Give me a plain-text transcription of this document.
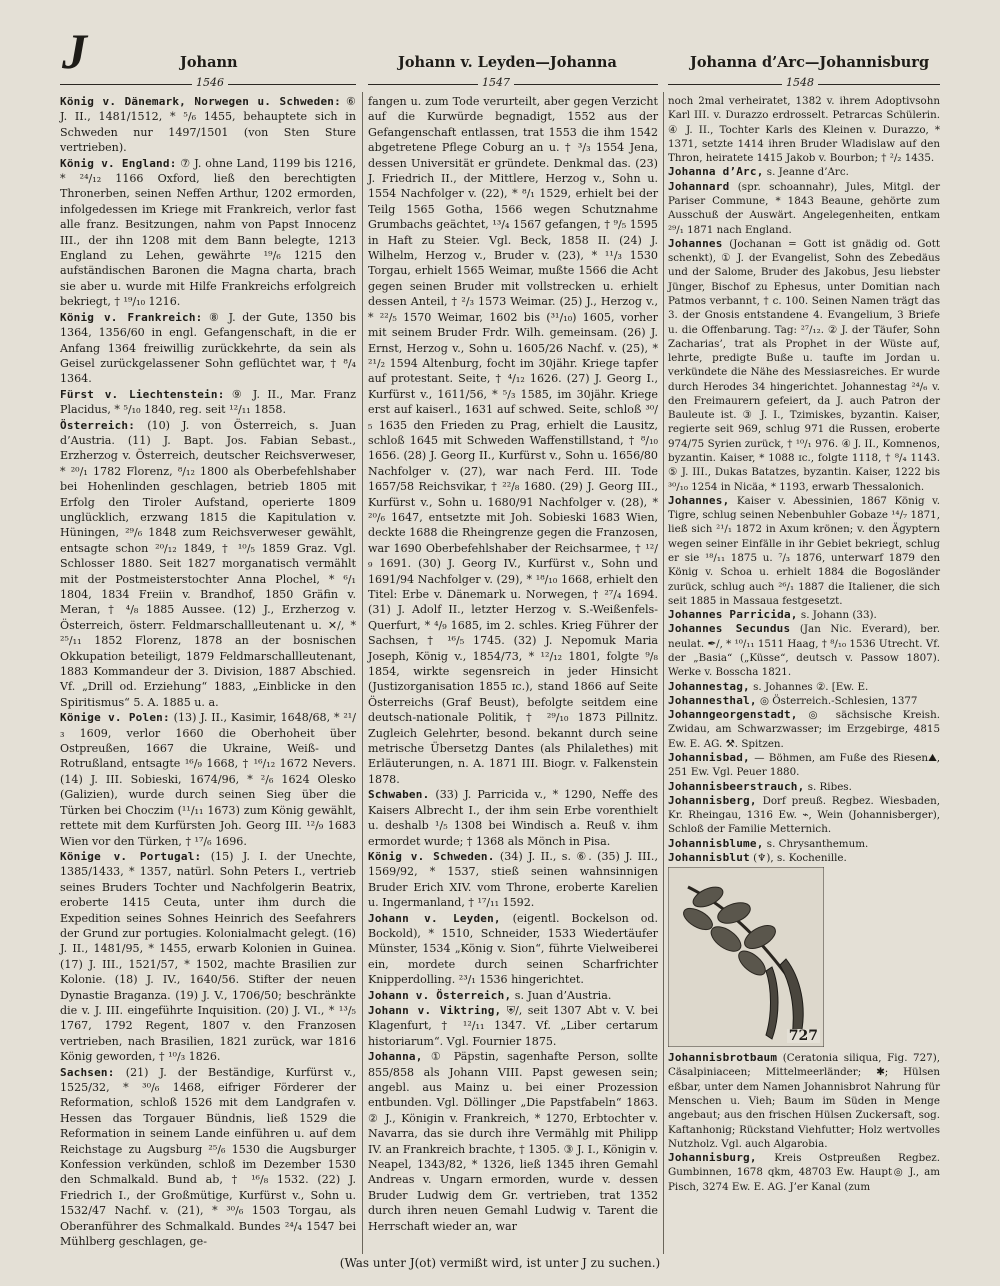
J	Johann	Johann v. Leyden—Johanna	Johanna d’Arc—Johannisburg
1546	1547	1548

König v. Dänemark, Norwegen u. Schweden: ⑥ J. II., 1481/1512, * ⁵/₆ 1455, behauptete sich in Schweden nur 1497/1501 (von Sten Sture vertrieben).

König v. England: ⑦ J. ohne Land, 1199 bis 1216, * ²⁴/₁₂ 1166 Oxford, ließ den berechtigten Thronerben, seinen Neffen Arthur, 1202 ermorden, infolgedessen im Kriege mit Frankreich, verlor fast alle franz. Besitzungen, nahm von Papst Innocenz III., der ihn 1208 mit dem Bann belegte, 1213 England zu Lehen, gewährte ¹⁹/₆ 1215 den aufständischen Baronen die Magna charta, brach sie aber u. wurde mit Hilfe Frankreichs erfolgreich bekriegt, † ¹⁹/₁₀ 1216.

König v. Frankreich: ⑧ J. der Gute, 1350 bis 1364, 1356/60 in engl. Gefangenschaft, in die er Anfang 1364 freiwillig zurückkehrte, da sein als Geisel zurückgelassener Sohn geflüchtet war, † ⁸/₄ 1364.

Fürst v. Liechtenstein: ⑨ J. II., Mar. Franz Placidus, * ⁵/₁₀ 1840, reg. seit ¹²/₁₁ 1858.

Österreich: (10) J. von Österreich, s. Juan d’Austria. (11) J. Bapt. Jos. Fabian Sebast., Erzherzog v. Österreich, deutscher Reichsverweser, * ²⁰/₁ 1782 Florenz, ⁸/₁₂ 1800 als Oberbefehlshaber bei Hohenlinden geschlagen, betrieb 1805 mit Erfolg den Tiroler Aufstand, operierte 1809 unglücklich, erzwang 1815 die Kapitulation v. Hüningen, ²⁹/₆ 1848 zum Reichsverweser gewählt, entsagte schon ²⁰/₁₂ 1849, † ¹⁰/₅ 1859 Graz. Vgl. Schlosser 1880. Seit 1827 morganatisch vermählt mit der Postmeisterstochter Anna Plochel, * ⁶/₁ 1804, 1834 Freiin v. Brandhof, 1850 Gräfin v. Meran, † ⁴/₈ 1885 Aussee. (12) J., Erzherzog v. Österreich, österr. Feldmarschallleutenant u. ✕/, * ²⁵/₁₁ 1852 Florenz, 1878 an der bosnischen Okkupation beteiligt, 1879 Feldmarschallleutenant, 1883 Kommandeur der 3. Division, 1887 Abschied. Vf. „Drill od. Erziehung“ 1883, „Einblicke in den Spiritismus“ 5. A. 1885 u. a.

Könige v. Polen: (13) J. II., Kasimir, 1648/68, * ²¹/₃ 1609, verlor 1660 die Oberhoheit über Ostpreußen, 1667 die Ukraine, Weiß- und Rotrußland, entsagte ¹⁶/₉ 1668, † ¹⁶/₁₂ 1672 Nevers. (14) J. III. Sobieski, 1674/96, * ²/₆ 1624 Olesko (Galizien), wurde durch seinen Sieg über die Türken bei Choczim (¹¹/₁₁ 1673) zum König gewählt, rettete mit dem Kurfürsten Joh. Georg III. ¹²/₉ 1683 Wien vor den Türken, † ¹⁷/₆ 1696.

Könige v. Portugal: (15) J. I. der Unechte, 1385/1433, * 1357, natürl. Sohn Peters I., vertrieb seines Bruders Tochter und Nachfolgerin Beatrix, eroberte 1415 Ceuta, unter ihm durch die Expedition seines Sohnes Heinrich des Seefahrers der Grund zur portugies. Kolonialmacht gelegt. (16) J. II., 1481/95, * 1455, erwarb Kolonien in Guinea. (17) J. III., 1521/57, * 1502, machte Brasilien zur Kolonie. (18) J. IV., 1640/56. Stifter der neuen Dynastie Braganza. (19) J. V., 1706/50; beschränkte die v. J. III. eingeführte Inquisition. (20) J. VI., * ¹³/₅ 1767, 1792 Regent, 1807 v. den Franzosen vertrieben, nach Brasilien, 1821 zurück, war 1816 König geworden, † ¹⁰/₃ 1826.

Sachsen: (21) J. der Beständige, Kurfürst v., 1525/32, * ³⁰/₆ 1468, eifriger Förderer der Reformation, schloß 1526 mit dem Landgrafen v. Hessen das Torgauer Bündnis, ließ 1529 die Reformation in seinem Lande einführen u. auf dem Reichstage zu Augsburg ²⁵/₆ 1530 die Augsburger Konfession verkünden, schloß im Dezember 1530 den Schmalkald. Bund ab, † ¹⁶/₈ 1532. (22) J. Friedrich I., der Großmütige, Kurfürst v., Sohn u. 1532/47 Nachf. v. (21), * ³⁰/₆ 1503 Torgau, als Oberanführer des Schmalkald. Bundes ²⁴/₄ 1547 bei Mühlberg geschlagen, ge-

fangen u. zum Tode verurteilt, aber gegen Verzicht auf die Kurwürde begnadigt, 1552 aus der Gefangenschaft entlassen, trat 1553 die ihm 1542 abgetretene Pflege Coburg an u. † ³/₃ 1554 Jena, dessen Universität er gründete. Denkmal das. (23) J. Friedrich II., der Mittlere, Herzog v., Sohn u. 1554 Nachfolger v. (22), * ⁸/₁ 1529, erhielt bei der Teilg 1565 Gotha, 1566 wegen Schutznahme Grumbachs geächtet, ¹³/₄ 1567 gefangen, † ⁹/₅ 1595 in Haft zu Steier. Vgl. Beck, 1858 II. (24) J. Wilhelm, Herzog v., Bruder v. (23), * ¹¹/₃ 1530 Torgau, erhielt 1565 Weimar, mußte 1566 die Acht gegen seinen Bruder mit vollstrecken u. erhielt dessen Anteil, † ²/₃ 1573 Weimar. (25) J., Herzog v., * ²²/₅ 1570 Weimar, 1602 bis (³¹/₁₀) 1605, vorher mit seinem Bruder Frdr. Wilh. gemeinsam. (26) J. Ernst, Herzog v., Sohn u. 1605/26 Nachf. v. (25), * ²¹/₂ 1594 Altenburg, focht im 30jähr. Kriege tapfer auf protestant. Seite, † ⁴/₁₂ 1626. (27) J. Georg I., Kurfürst v., 1611/56, * ⁵/₃ 1585, im 30jähr. Kriege erst auf kaiserl., 1631 auf schwed. Seite, schloß ³⁰/₅ 1635 den Frieden zu Prag, erhielt die Lausitz, schloß 1645 mit Schweden Waffenstillstand, † ⁸/₁₀ 1656. (28) J. Georg II., Kurfürst v., Sohn u. 1656/80 Nachfolger v. (27), war nach Ferd. III. Tode 1657/58 Reichsvikar, † ²²/₈ 1680. (29) J. Georg III., Kurfürst v., Sohn u. 1680/91 Nachfolger v. (28), * ²⁰/₆ 1647, entsetzte mit Joh. Sobieski 1683 Wien, deckte 1688 die Rheingrenze gegen die Franzosen, war 1690 Oberbefehlshaber der Reichsarmee, † ¹²/₉ 1691. (30) J. Georg IV., Kurfürst v., Sohn und 1691/94 Nachfolger v. (29), * ¹⁸/₁₀ 1668, erhielt den Titel: Erbe v. Dänemark u. Norwegen, † ²⁷/₄ 1694. (31) J. Adolf II., letzter Herzog v. S.-Weißenfels-Querfurt, * ⁴/₉ 1685, im 2. schles. Krieg Führer der Sachsen, † ¹⁶/₅ 1745. (32) J. Nepomuk Maria Joseph, König v., 1854/73, * ¹²/₁₂ 1801, folgte ⁹/₈ 1854, wirkte segensreich in jeder Hinsicht (Justizorganisation 1855 ɪc.), stand 1866 auf Seite Österreichs (Graf Beust), befolgte seitdem eine deutsch-nationale Politik, † ²⁹/₁₀ 1873 Pillnitz. Zugleich Gelehrter, besond. bekannt durch seine metrische Übersetzg Dantes (als Philalethes) mit Erläuterungen, n. A. 1871 III. Biogr. v. Falkenstein 1878.

Schwaben. (33) J. Parricida v., * 1290, Neffe des Kaisers Albrecht I., der ihm sein Erbe vorenthielt u. deshalb ¹/₅ 1308 bei Windisch a. Reuß v. ihm ermordet wurde; † 1368 als Mönch in Pisa.

König v. Schweden. (34) J. II., s. ⑥. (35) J. III., 1569/92, * 1537, stieß seinen wahnsinnigen Bruder Erich XIV. vom Throne, eroberte Karelien u. Ingermanland, † ¹⁷/₁₁ 1592.

Johann v. Leyden, (eigentl. Bockelson od. Bockold), * 1510, Schneider, 1533 Wiedertäufer Münster, 1534 „König v. Sion“, führte Vielweiberei ein, mordete durch seinen Scharfrichter Knipperdolling. ²³/₁ 1536 hingerichtet.

Johann v. Österreich, s. Juan d’Austria.

Johann v. Viktring, ⛨/, seit 1307 Abt v. V. bei Klagenfurt, † ¹²/₁₁ 1347. Vf. „Liber certarum historiarum“. Vgl. Fournier 1875.

Johanna, ① Päpstin, sagenhafte Person, sollte 855/858 als Johann VIII. Papst gewesen sein; angebl. aus Mainz u. bei einer Prozession entbunden. Vgl. Döllinger „Die Papstfabeln“ 1863. ② J., Königin v. Frankreich, * 1270, Erbtochter v. Navarra, das sie durch ihre Vermählg mit Philipp IV. an Frankreich brachte, † 1305. ③ J. I., Königin v. Neapel, 1343/82, * 1326, ließ 1345 ihren Gemahl Andreas v. Ungarn ermorden, wurde v. dessen Bruder Ludwig dem Gr. vertrieben, trat 1352 durch ihren neuen Gemahl Ludwig v. Tarent die Herrschaft wieder an, war

noch 2mal verheiratet, 1382 v. ihrem Adoptivsohn Karl III. v. Durazzo erdrosselt. Petrarcas Schülerin. ④ J. II., Tochter Karls des Kleinen v. Durazzo, * 1371, setzte 1414 ihren Bruder Wladislaw auf den Thron, heiratete 1415 Jakob v. Bourbon; † ²/₂ 1435.

Johanna d’Arc, s. Jeanne d’Arc.

Johannard (spr. schoannahr), Jules, Mitgl. der Pariser Commune, * 1843 Beaune, gehörte zum Ausschuß der Auswärt. Angelegenheiten, entkam ²⁹/₁ 1871 nach England.

Johannes (Jochanan = Gott ist gnädig od. Gott schenkt), ① J. der Evangelist, Sohn des Zebedäus und der Salome, Bruder des Jakobus, Jesu liebster Jünger, Bischof zu Ephesus, unter Domitian nach Patmos verbannt, † c. 100. Seinen Namen trägt das 3. der Gnosis entstandene 4. Evangelium, 3 Briefe u. die Offenbarung. Tag: ²⁷/₁₂. ② J. der Täufer, Sohn Zacharias’, trat als Prophet in der Wüste auf, lehrte, predigte Buße u. taufte im Jordan u. verkündete die Nähe des Messiasreiches. Er wurde durch Herodes 34 hingerichtet. Johannestag ²⁴/₆ v. den Freimaurern gefeiert, da J. auch Patron der Bauleute ist. ③ J. I., Tzimiskes, byzantin. Kaiser, regierte seit 969, schlug 971 die Russen, eroberte 974/75 Syrien zurück, † ¹⁰/₁ 976. ④ J. II., Komnenos, byzantin. Kaiser, * 1088 ɪc., folgte 1118, † ⁸/₄ 1143. ⑤ J. III., Dukas Batatzes, byzantin. Kaiser, 1222 bis ³⁰/₁₀ 1254 in Nicäa, * 1193, erwarb Thessalonich.

Johannes, Kaiser v. Abessinien, 1867 König v. Tigre, schlug seinen Nebenbuhler Gobaze ¹⁴/₇ 1871, ließ sich ²¹/₁ 1872 in Axum krönen; v. den Ägyptern wegen seiner Einfälle in ihr Gebiet bekriegt, schlug er sie ¹⁸/₁₁ 1875 u. ⁷/₃ 1876, unterwarf 1879 den König v. Schoa u. erhielt 1884 die Bogosländer zurück, schlug auch ²⁶/₁ 1887 die Italiener, die sich seit 1885 in Massaua festgesetzt.

Johannes Parricida, s. Johann (33).

Johannes Secundus (Jan Nic. Everard), ber. neulat. ✒/, * ¹⁰/₁₁ 1511 Haag, † ⁸/₁₀ 1536 Utrecht. Vf. der „Basia“ („Küsse“, deutsch v. Passow 1807). Werke v. Bosscha 1821.

Johannestag, s. Johannes ②. [Ew. E.

Johannesthal, ◎ Österreich.-Schlesien, 1377

Johanngeorgenstadt, ◎ sächsische Kreish. Zwidau, am Schwarzwasser; im Erzgebirge, 4815 Ew. E. AG. ⚒. Spitzen.

Johannisbad, — Böhmen, am Fuße des Riesen⛰, 251 Ew. Vgl. Peuer 1880.

Johannisbeerstrauch, s. Ribes.

Johannisberg, Dorf preuß. Regbez. Wiesbaden, Kr. Rheingau, 1316 Ew. ⌁, Wein (Johannisberger), Schloß der Familie Metternich.

Johannisblume, s. Chrysanthemum.

Johannisblut (♆), s. Kochenille.

727
Johannisbrotbaum (Ceratonia siliqua, Fig. 727), Cäsalpiniaceen; Mittelmeerländer; ✱; Hülsen eßbar, unter dem Namen Johannisbrot Nahrung für Menschen u. Vieh; Baum im Süden in Menge angebaut; aus den frischen Hülsen Zuckersaft, sog. Kaftanhonig; Rückstand Viehfutter; Holz wertvolles Nutzholz. Vgl. auch Algarobia.

Johannisburg, Kreis Ostpreußen Regbez. Gumbinnen, 1678 qkm, 48703 Ew. Haupt◎ J., am Pisch, 3274 Ew. E. AG. J’er Kanal (zum

(Was unter J(ot) vermißt wird, ist unter J zu suchen.)
